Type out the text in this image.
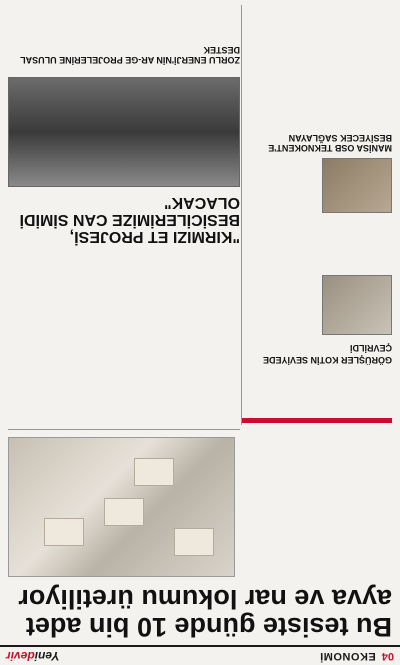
04
EKONOMİ
Yenidevir
Bu tesiste günde 10 bin adet ayva ve nar lokumu üretiliyor
GÖRÜŞLER KOTİN SEVİYEDE
ÇEVRİLDİ
MANİSA OSB TEKNOKENT'E BESİYECEK SAĞLAYAN
"KIRMIZI ET PROJESİ, BESİCİLERİMİZE CAN SİMİDİ OLACAK"
ZORLU ENERJİ'NİN AR-GE PROJELERİNE ULUSAL DESTEK
